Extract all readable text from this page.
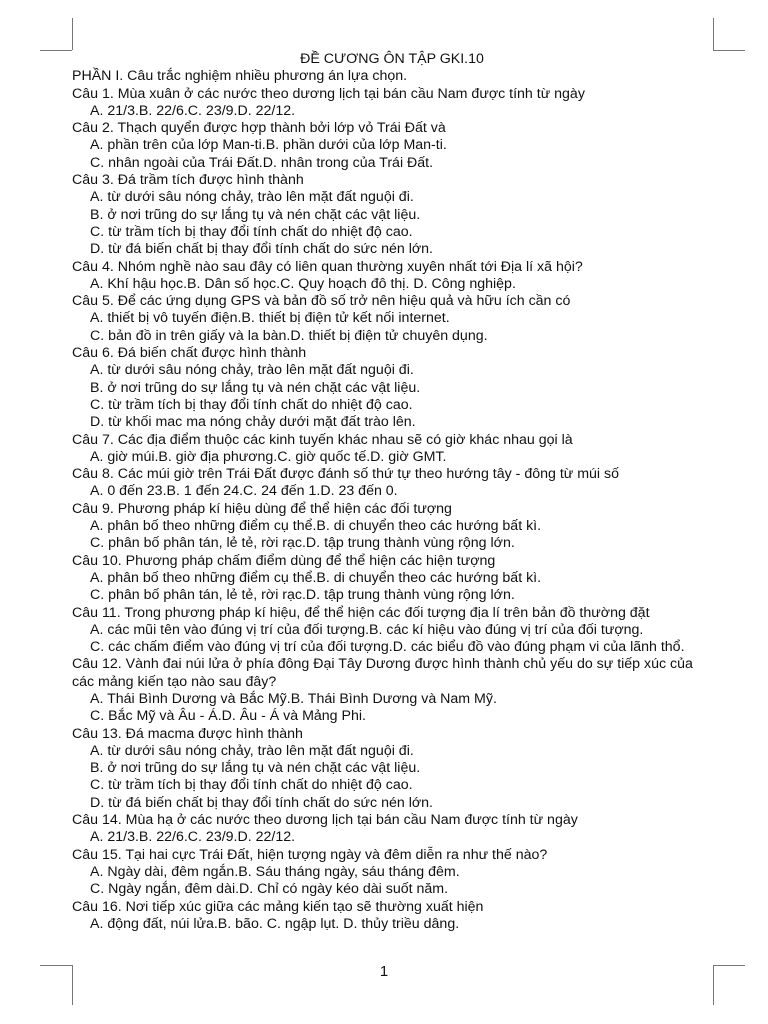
ĐỀ CƯƠNG ÔN TẬP GKI.10

PHẦN I. Câu trắc nghiệm nhiều phương án lựa chọn.

Câu 1. Mùa xuân ở các nước theo dương lịch tại bán cầu Nam được tính từ ngày

A. 21/3.B. 22/6.C. 23/9.D. 22/12.

Câu 2. Thạch quyển được hợp thành bởi lớp vỏ Trái Đất và

A. phần trên của lớp Man-ti.B. phần dưới của lớp Man-ti.

C. nhân ngoài của Trái Đất.D. nhân trong của Trái Đất.

Câu 3. Đá trầm tích được hình thành

A. từ dưới sâu nóng chảy, trào lên mặt đất nguội đi.

B. ở nơi trũng do sự lắng tụ và nén chặt các vật liệu.

C. từ trầm tích bị thay đổi tính chất do nhiệt độ cao.

D. từ đá biến chất bị thay đổi tính chất do sức nén lớn.

Câu 4. Nhóm nghề nào sau đây có liên quan thường xuyên nhất tới Địa lí xã hội?

A. Khí hậu học.B. Dân số học.C. Quy hoạch đô thị. D. Công nghiệp.

Câu 5. Để các ứng dụng GPS và bản đồ số trở nên hiệu quả và hữu ích cần có

A. thiết bị vô tuyến điện.B. thiết bị điện tử kết nối internet.

C. bản đồ in trên giấy và la bàn.D. thiết bị điện tử chuyên dụng.

Câu 6. Đá biến chất được hình thành

A. từ dưới sâu nóng chảy, trào lên mặt đất nguội đi.

B. ở nơi trũng do sự lắng tụ và nén chặt các vật liệu.

C. từ trầm tích bị thay đổi tính chất do nhiệt độ cao.

D. từ khối mac ma nóng chảy dưới mặt đất trào lên.

Câu 7. Các địa điểm thuộc các kinh tuyến khác nhau sẽ có giờ khác nhau gọi là

A. giờ múi.B. giờ địa phương.C. giờ quốc tế.D. giờ GMT.

Câu 8. Các múi giờ trên Trái Đất được đánh số thứ tự theo hướng tây - đông từ múi số

A. 0 đến 23.B. 1 đến 24.C. 24 đến 1.D. 23 đến 0.

Câu 9. Phương pháp kí hiệu dùng để thể hiện các đối tượng

A. phân bố theo những điểm cụ thể.B. di chuyển theo các hướng bất kì.

C. phân bố phân tán, lẻ tẻ, rời rạc.D. tập trung thành vùng rộng lớn.

Câu 10. Phương pháp chấm điểm dùng để thể hiện các hiện tượng

A. phân bố theo những điểm cụ thể.B. di chuyển theo các hướng bất kì.

C. phân bố phân tán, lẻ tẻ, rời rạc.D. tập trung thành vùng rộng lớn.

Câu 11. Trong phương pháp kí hiệu, để thể hiện các đối tượng địa lí trên bản đồ thường đặt

A. các mũi tên vào đúng vị trí của đối tượng.B. các kí hiệu vào đúng vị trí của đối tượng.

C. các chấm điểm vào đúng vị trí của đối tượng.D. các biểu đồ vào đúng phạm vi của lãnh thổ.

Câu 12. Vành đai núi lửa ở phía đông Đại Tây Dương được hình thành chủ yếu do sự tiếp xúc của các mảng kiến tạo nào sau đây?

A. Thái Bình Dương và Bắc Mỹ.B. Thái Bình Dương và Nam Mỹ.

C. Bắc Mỹ và Âu - Á.D. Âu - Á và Mảng Phi.

Câu 13. Đá macma được hình thành

A. từ dưới sâu nóng chảy, trào lên mặt đất nguội đi.

B. ở nơi trũng do sự lắng tụ và nén chặt các vật liệu.

C. từ trầm tích bị thay đổi tính chất do nhiệt độ cao.

D. từ đá biến chất bị thay đổi tính chất do sức nén lớn.

Câu 14. Mùa hạ ở các nước theo dương lịch tại bán cầu Nam được tính từ ngày

A. 21/3.B. 22/6.C. 23/9.D. 22/12.

Câu 15. Tại hai cực Trái Đất, hiện tượng ngày và đêm diễn ra như thế nào?

A. Ngày dài, đêm ngắn.B. Sáu tháng ngày, sáu tháng đêm.

C. Ngày ngắn, đêm dài.D. Chỉ có ngày kéo dài suốt năm.

Câu 16. Nơi tiếp xúc giữa các mảng kiến tạo sẽ thường xuất hiện

A. động đất, núi lửa.B. bão. C. ngập lụt. D. thủy triều dâng.

1
